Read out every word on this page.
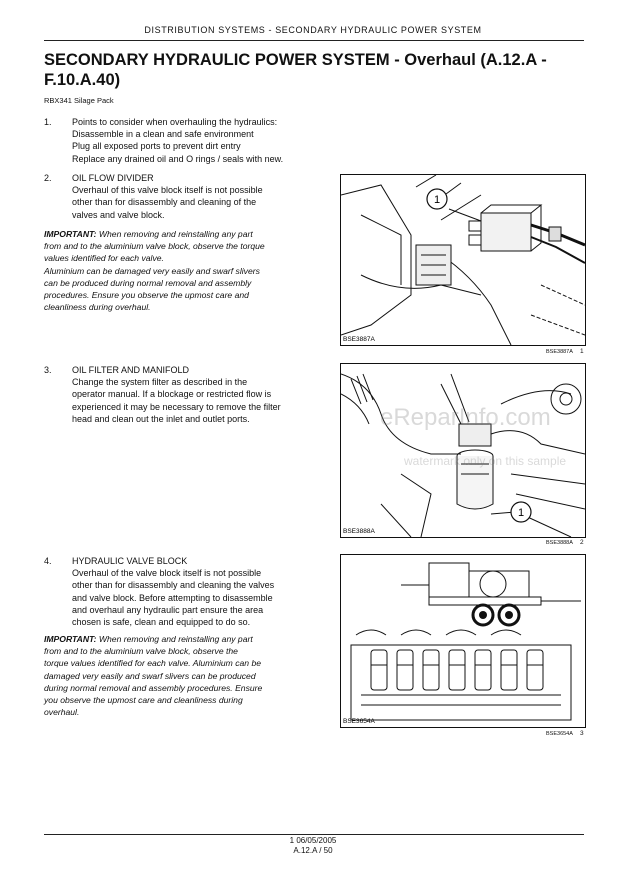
DISTRIBUTION SYSTEMS - SECONDARY HYDRAULIC POWER SYSTEM
SECONDARY HYDRAULIC POWER SYSTEM - Overhaul (A.12.A -
F.10.A.40)
RBX341 Silage Pack
1. Points to consider when overhauling the hydraulics:
Disassemble in a clean and safe environment
Plug all exposed ports to prevent dirt entry
Replace any drained oil and O rings / seals with new.
2. OIL FLOW DIVIDER
Overhaul of this valve block itself is not possible
other than for disassembly and cleaning of the
valves and valve block.
IMPORTANT: When removing and reinstalling any part
from and to the aluminium valve block, observe the torque
values identified for each valve.
Aluminium can be damaged very easily and swarf slivers
can be produced during normal removal and assembly
procedures. Ensure you observe the upmost care and
cleanliness during overhaul.
3. OIL FILTER AND MANIFOLD
Change the system filter as described in the
operator manual. If a blockage or restricted flow is
experienced it may be necessary to remove the filter
head and clean out the inlet and outlet ports.
4. HYDRAULIC VALVE BLOCK
Overhaul of the valve block itself is not possible
other than for disassembly and cleaning the valves
and valve block. Before attempting to disassemble
and overhaul any hydraulic part ensure the area
chosen is safe, clean and equipped to do so.
IMPORTANT: When removing and reinstalling any part
from and to the aluminium valve block, observe the
torque values identified for each valve. Aluminium can be
damaged very easily and swarf slivers can be produced
during normal removal and assembly procedures. Ensure
you observe the upmost care and cleanliness during
overhaul.
1
BSE3887A
BSE3887A 1
1
BSE3888A
BSE3888A 2
BSE3654A
BSE3654A 3
eReparInfo.com
watermark only on this sample
1 06/05/2005
A.12.A / 50
